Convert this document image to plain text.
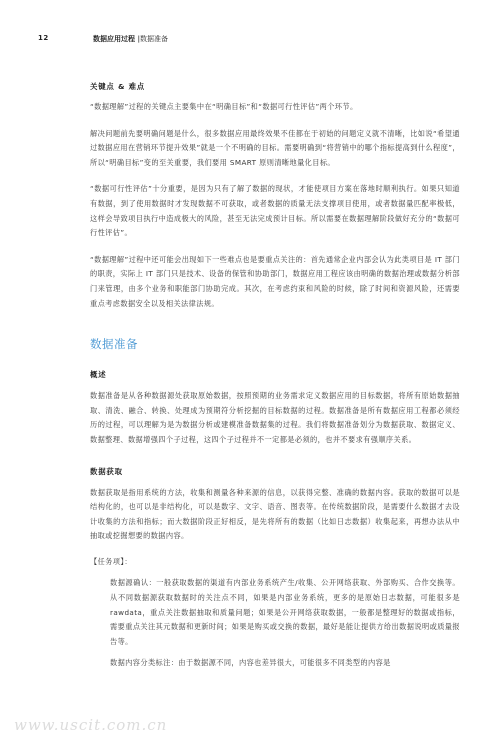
12	数据应用过程 |数据准备
关键点 & 难点

“数据理解”过程的关键点主要集中在“明确目标”和“数据可行性评估”两个环节。

解决问题前先要明确问题是什么，很多数据应用最终效果不佳都在于初始的问题定义就不清晰，比如说“希望通过数据应用在营销环节提升效果”就是一个不明确的目标。需要明确到“将营销中的哪个指标提高到什么程度”，所以“明确目标”变的至关重要，我们要用 SMART 原则清晰地量化目标。

“数据可行性评估”十分重要，是因为只有了解了数据的现状，才能使项目方案在落地时顺利执行。如果只知道有数据，到了使用数据时才发现数据不可获取，或者数据的质量无法支撑项目使用，或者数据量匹配率极低，这样会导致项目执行中造成极大的风险，甚至无法完成预计目标。所以需要在数据理解阶段做好充分的“数据可行性评估”。

“数据理解”过程中还可能会出现如下一些难点也是要重点关注的：首先通常企业内部会认为此类项目是 IT 部门的职责，实际上 IT 部门只是技术、设备的保管和协助部门，数据应用工程应该由明确的数据治理或数据分析部门来管理，由多个业务和职能部门协助完成。其次，在考虑约束和风险的时候，除了时间和资源风险，还需要重点考虑数据安全以及相关法律法规。

数据准备
概述

数据准备是从各种数据源处获取原始数据，按照预期的业务需求定义数据应用的目标数据，将所有原始数据抽取、清洗、融合、转换、处理成为预期符分析挖掘的目标数据的过程。数据准备是所有数据应用工程都必须经历的过程，可以理解为是为数据分析或建模准备数据集的过程。我们将数据准备划分为数据获取、数据定义、数据整理、数据增强四个子过程，这四个子过程并不一定都是必须的，也并不要求有强顺序关系。

数据获取

数据获取是指用系统的方法，收集和测量各种来源的信息，以获得完整、准确的数据内容。获取的数据可以是结构化的，也可以是非结构化，可以是数字、文字、语音、图表等。在传统数据阶段，是需要什么数据才去设计收集的方法和指标；而大数据阶段正好相反，是先将所有的数据（比如日志数据）收集起来，再想办法从中抽取或挖掘想要的数据内容。

【任务项】：

数据源确认：一般获取数据的渠道有内部业务系统产生/收集、公开网络获取、外部购买、合作交换等。从不同数据源获取数据时的关注点不同，如果是内部业务系统，更多的是原始日志数据，可能很多是 rawdata，重点关注数据抽取和质量问题；如果是公开网络获取数据，一般都是整理好的数据或指标，需要重点关注其元数据和更新时间；如果是购买或交换的数据，最好是能让提供方给出数据说明或质量报告等。

数据内容分类标注：由于数据源不同，内容也差异很大，可能很多不同类型的内容是

www.uscit.com.cn
